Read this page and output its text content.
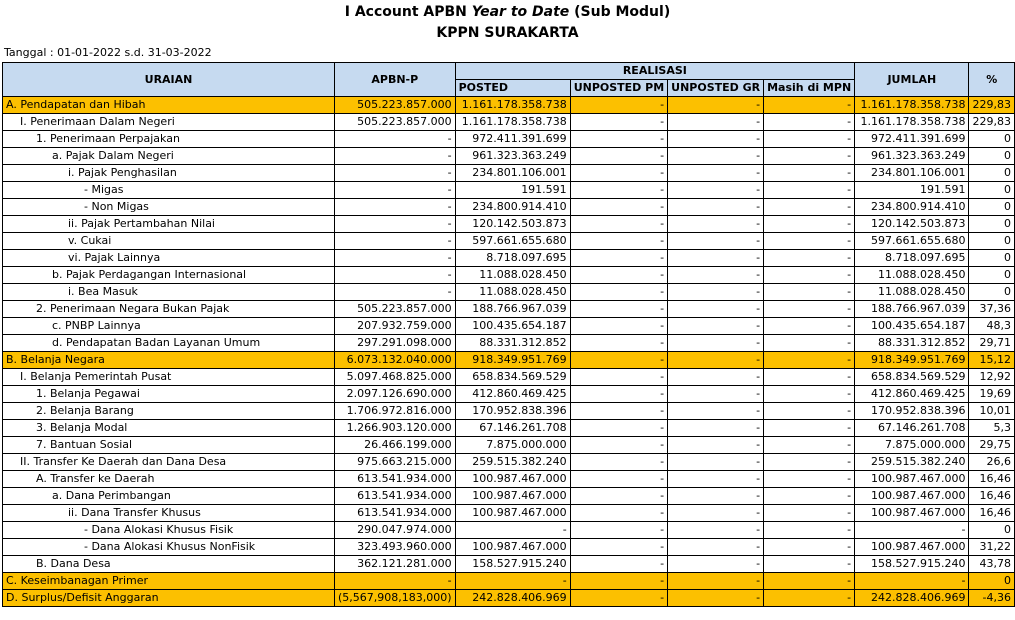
I Account APBN Year to Date (Sub Modul)
KPPN SURAKARTA
Tanggal : 01-01-2022 s.d. 31-03-2022
URAIAN	APBN-P	REALISASI				JUMLAH	%
		POSTED	UNPOSTED PM	UNPOSTED GR	Masih di MPN		
A. Pendapatan dan Hibah	505.223.857.000	1.161.178.358.738	-	-	-	1.161.178.358.738	229,83
I. Penerimaan Dalam Negeri	505.223.857.000	1.161.178.358.738	-	-	-	1.161.178.358.738	229,83
1. Penerimaan Perpajakan	-	972.411.391.699	-	-	-	972.411.391.699	0
a. Pajak Dalam Negeri	-	961.323.363.249	-	-	-	961.323.363.249	0
i. Pajak Penghasilan	-	234.801.106.001	-	-	-	234.801.106.001	0
- Migas	-	191.591	-	-	-	191.591	0
- Non Migas	-	234.800.914.410	-	-	-	234.800.914.410	0
ii. Pajak Pertambahan Nilai	-	120.142.503.873	-	-	-	120.142.503.873	0
v. Cukai	-	597.661.655.680	-	-	-	597.661.655.680	0
vi. Pajak Lainnya	-	8.718.097.695	-	-	-	8.718.097.695	0
b. Pajak Perdagangan Internasional	-	11.088.028.450	-	-	-	11.088.028.450	0
i. Bea Masuk	-	11.088.028.450	-	-	-	11.088.028.450	0
2. Penerimaan Negara Bukan Pajak	505.223.857.000	188.766.967.039	-	-	-	188.766.967.039	37,36
c. PNBP Lainnya	207.932.759.000	100.435.654.187	-	-	-	100.435.654.187	48,3
d. Pendapatan Badan Layanan Umum	297.291.098.000	88.331.312.852	-	-	-	88.331.312.852	29,71
B. Belanja Negara	6.073.132.040.000	918.349.951.769	-	-	-	918.349.951.769	15,12
I. Belanja Pemerintah Pusat	5.097.468.825.000	658.834.569.529	-	-	-	658.834.569.529	12,92
1. Belanja Pegawai	2.097.126.690.000	412.860.469.425	-	-	-	412.860.469.425	19,69
2. Belanja Barang	1.706.972.816.000	170.952.838.396	-	-	-	170.952.838.396	10,01
3. Belanja Modal	1.266.903.120.000	67.146.261.708	-	-	-	67.146.261.708	5,3
7. Bantuan Sosial	26.466.199.000	7.875.000.000	-	-	-	7.875.000.000	29,75
II. Transfer Ke Daerah dan Dana Desa	975.663.215.000	259.515.382.240	-	-	-	259.515.382.240	26,6
A. Transfer ke Daerah	613.541.934.000	100.987.467.000	-	-	-	100.987.467.000	16,46
a. Dana Perimbangan	613.541.934.000	100.987.467.000	-	-	-	100.987.467.000	16,46
ii. Dana Transfer Khusus	613.541.934.000	100.987.467.000	-	-	-	100.987.467.000	16,46
- Dana Alokasi Khusus Fisik	290.047.974.000	-	-	-	-	-	0
- Dana Alokasi Khusus NonFisik	323.493.960.000	100.987.467.000	-	-	-	100.987.467.000	31,22
B. Dana Desa	362.121.281.000	158.527.915.240	-	-	-	158.527.915.240	43,78
C. Keseimbanagan Primer	-	-	-	-	-	-	0
D. Surplus/Defisit Anggaran	(5,567,908,183,000)	242.828.406.969	-	-	-	242.828.406.969	-4,36
